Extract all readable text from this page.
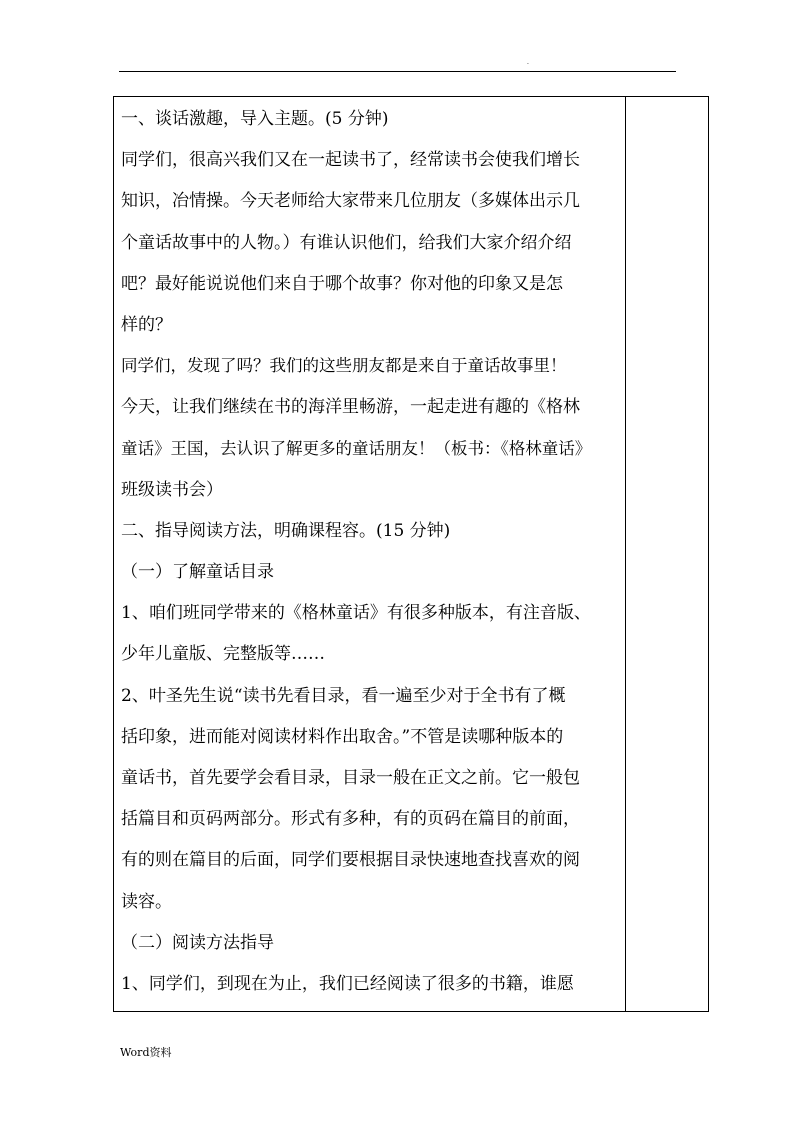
.
一、谈话激趣，导入主题。(5 分钟)
同学们，很高兴我们又在一起读书了，经常读书会使我们增长
知识，冶情操。今天老师给大家带来几位朋友（多媒体出示几
个童话故事中的人物。）有谁认识他们，给我们大家介绍介绍
吧？最好能说说他们来自于哪个故事？你对他的印象又是怎
样的？
同学们，发现了吗？我们的这些朋友都是来自于童话故事里！
今天，让我们继续在书的海洋里畅游，一起走进有趣的《格林
童话》王国，去认识了解更多的童话朋友！（板书：《格林童话》
班级读书会）
二、指导阅读方法，明确课程容。(15 分钟)
（一）了解童话目录
1、咱们班同学带来的《格林童话》有很多种版本，有注音版、
少年儿童版、完整版等……
2、叶圣先生说“读书先看目录，看一遍至少对于全书有了概
括印象，进而能对阅读材料作出取舍。”不管是读哪种版本的
童话书，首先要学会看目录，目录一般在正文之前。它一般包
括篇目和页码两部分。形式有多种，有的页码在篇目的前面，
有的则在篇目的后面，同学们要根据目录快速地查找喜欢的阅
读容。
（二）阅读方法指导
1、同学们，到现在为止，我们已经阅读了很多的书籍，谁愿
Word资料
